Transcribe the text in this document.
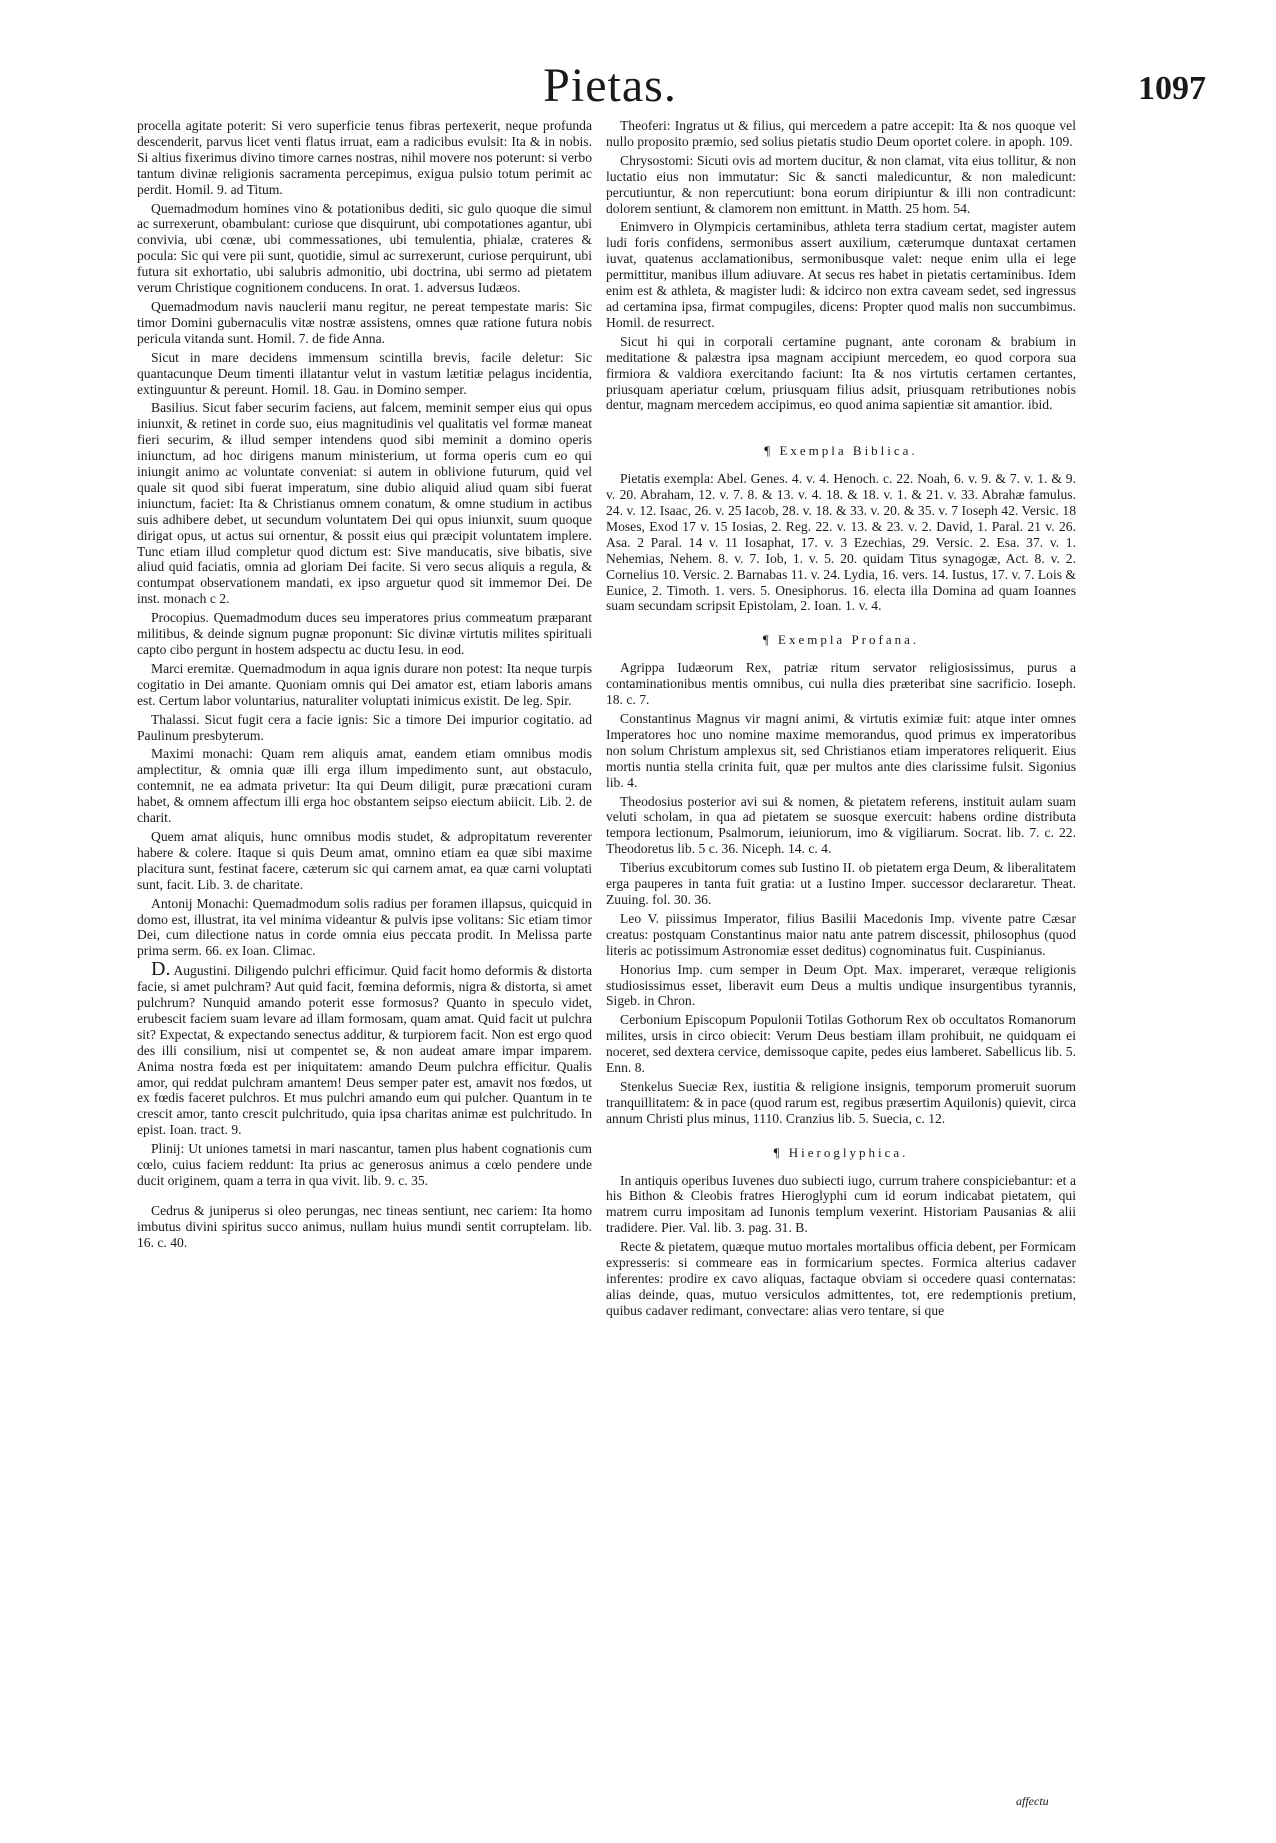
Pietas.	1097

procella agitate poterit: Si vero superficie tenus fibras pertexerit, neque profunda descenderit, parvus licet venti flatus irruat, eam a radicibus evulsit: Ita & in nobis. Si altius fixerimus divino timore carnes nostras, nihil movere nos poterunt: si verbo tantum divinæ religionis sacramenta percepimus, exigua pulsio totum perimit ac perdit. Homil. 9. ad Titum.

Quemadmodum homines vino & potationibus dediti, sic gulo quoque die simul ac surrexerunt, obambulant: curiose que disquirunt, ubi compotationes agantur, ubi convivia, ubi cœnæ, ubi commessationes, ubi temulentia, phialæ, crateres & pocula: Sic qui vere pii sunt, quotidie, simul ac surrexerunt, curiose perquirunt, ubi futura sit exhortatio, ubi salubris admonitio, ubi doctrina, ubi sermo ad pietatem verum Christique cognitionem conducens. In orat. 1. adversus Iudæos.

Quemadmodum navis nauclerii manu regitur, ne pereat tempestate maris: Sic timor Domini gubernaculis vitæ nostræ assistens, omnes quæ ratione futura nobis pericula vitanda sunt. Homil. 7. de fide Anna.

Sicut in mare decidens immensum scintilla brevis, facile deletur: Sic quantacunque Deum timenti illatantur velut in vastum lætitiæ pelagus incidentia, extinguuntur & pereunt. Homil. 18. Gau. in Domino semper.

Basilius. Sicut faber securim faciens, aut falcem, meminit semper eius qui opus iniunxit, & retinet in corde suo, eius magnitudinis vel qualitatis vel formæ maneat fieri securim, & illud semper intendens quod sibi meminit a domino operis iniunctum, ad hoc dirigens manum ministerium, ut forma operis cum eo qui iniungit animo ac voluntate conveniat: si autem in oblivione futurum, quid vel quale sit quod sibi fuerat imperatum, sine dubio aliquid aliud quam sibi fuerat iniunctum, faciet: Ita & Christianus omnem conatum, & omne studium in actibus suis adhibere debet, ut secundum voluntatem Dei qui opus iniunxit, suum quoque dirigat opus, ut actus sui ornentur, & possit eius qui præcipit voluntatem implere. Tunc etiam illud completur quod dictum est: Sive manducatis, sive bibatis, sive aliud quid faciatis, omnia ad gloriam Dei facite. Si vero secus aliquis a regula, & contumpat observationem mandati, ex ipso arguetur quod sit immemor Dei. De inst. monach c 2.

Procopius. Quemadmodum duces seu imperatores prius commeatum præparant militibus, & deinde signum pugnæ proponunt: Sic divinæ virtutis milites spirituali capto cibo pergunt in hostem adspectu ac ductu Iesu. in eod.

Marci eremitæ. Quemadmodum in aqua ignis durare non potest: Ita neque turpis cogitatio in Dei amante. Quoniam omnis qui Dei amator est, etiam laboris amans est. Certum labor voluntarius, naturaliter voluptati inimicus existit. De leg. Spir.

Thalassi. Sicut fugit cera a facie ignis: Sic a timore Dei impurior cogitatio. ad Paulinum presbyterum.

Maximi monachi: Quam rem aliquis amat, eandem etiam omnibus modis amplectitur, & omnia quæ illi erga illum impedimento sunt, aut obstaculo, contemnit, ne ea admata privetur: Ita qui Deum diligit, puræ præcationi curam habet, & omnem affectum illi erga hoc obstantem seipso eiectum abiicit. Lib. 2. de charit.

Quem amat aliquis, hunc omnibus modis studet, & adpropitatum reverenter habere & colere. Itaque si quis Deum amat, omnino etiam ea quæ sibi maxime placitura sunt, festinat facere, cæterum sic qui carnem amat, ea quæ carni voluptati sunt, facit. Lib. 3. de charitate.

Antonij Monachi: Quemadmodum solis radius per foramen illapsus, quicquid in domo est, illustrat, ita vel minima videantur & pulvis ipse volitans: Sic etiam timor Dei, cum dilectione natus in corde omnia eius peccata prodit. In Melissa parte prima serm. 66. ex Ioan. Climac.

D. Augustini. Diligendo pulchri efficimur. Quid facit homo deformis & distorta facie, si amet pulchram? Aut quid facit, fœmina deformis, nigra & distorta, si amet pulchrum? Nunquid amando poterit esse formosus? Quanto in speculo videt, erubescit faciem suam levare ad illam formosam, quam amat. Quid facit ut pulchra sit? Expectat, & expectando senectus additur, & turpiorem facit. Non est ergo quod des illi consilium, nisi ut compentet se, & non audeat amare impar imparem. Anima nostra fœda est per iniquitatem: amando Deum pulchra efficitur. Qualis amor, qui reddat pulchram amantem! Deus semper pater est, amavit nos fœdos, ut ex fœdis faceret pulchros. Et mus pulchri amando eum qui pulcher. Quantum in te crescit amor, tanto crescit pulchritudo, quia ipsa charitas animæ est pulchritudo. In epist. Ioan. tract. 9.

Plinij: Ut uniones tametsi in mari nascantur, tamen plus habent cognationis cum cœlo, cuius faciem reddunt: Ita prius ac generosus animus a cœlo pendere unde ducit originem, quam a terra in qua vivit. lib. 9. c. 35.

Cedrus & juniperus si oleo perungas, nec tineas sentiunt, nec cariem: Ita homo imbutus divini spiritus succo animus, nullam huius mundi sentit corruptelam. lib. 16. c. 40.

Theoferi: Ingratus ut & filius, qui mercedem a patre accepit: Ita & nos quoque vel nullo proposito præmio, sed solius pietatis studio Deum oportet colere. in apoph. 109.

Chrysostomi: Sicuti ovis ad mortem ducitur, & non clamat, vita eius tollitur, & non luctatio eius non immutatur: Sic & sancti maledicuntur, & non maledicunt: percutiuntur, & non repercutiunt: bona eorum diripiuntur & illi non contradicunt: dolorem sentiunt, & clamorem non emittunt. in Matth. 25 hom. 54.

Enimvero in Olympicis certaminibus, athleta terra stadium certat, magister autem ludi foris confidens, sermonibus assert auxilium, cæterumque duntaxat certamen iuvat, quatenus acclamationibus, sermonibusque valet: neque enim ulla ei lege permittitur, manibus illum adiuvare. At secus res habet in pietatis certaminibus. Idem enim est & athleta, & magister ludi: & idcirco non extra caveam sedet, sed ingressus ad certamina ipsa, firmat compugiles, dicens: Propter quod malis non succumbimus. Homil. de resurrect.

Sicut hi qui in corporali certamine pugnant, ante coronam & brabium in meditatione & palæstra ipsa magnam accipiunt mercedem, eo quod corpora sua firmiora & valdiora exercitando faciunt: Ita & nos virtutis certamen certantes, priusquam aperiatur cœlum, priusquam filius adsit, priusquam retributiones nobis dentur, magnam mercedem accipimus, eo quod anima sapientiæ sit amantior. ibid.

¶ Exempla Biblica.

Pietatis exempla: Abel. Genes. 4. v. 4. Henoch. c. 22. Noah, 6. v. 9. & 7. v. 1. & 9. v. 20. Abraham, 12. v. 7. 8. & 13. v. 4. 18. & 18. v. 1. & 21. v. 33. Abrahæ famulus. 24. v. 12. Isaac, 26. v. 25 Iacob, 28. v. 18. & 33. v. 20. & 35. v. 7 Ioseph 42. Versic. 18 Moses, Exod 17 v. 15 Iosias, 2. Reg. 22. v. 13. & 23. v. 2. David, 1. Paral. 21 v. 26. Asa. 2 Paral. 14 v. 11 Iosaphat, 17. v. 3 Ezechias, 29. Versic. 2. Esa. 37. v. 1. Nehemias, Nehem. 8. v. 7. Iob, 1. v. 5. 20. quidam Titus synagogæ, Act. 8. v. 2. Cornelius 10. Versic. 2. Barnabas 11. v. 24. Lydia, 16. vers. 14. Iustus, 17. v. 7. Lois & Eunice, 2. Timoth. 1. vers. 5. Onesiphorus. 16. electa illa Domina ad quam Ioannes suam secundam scripsit Epistolam, 2. Ioan. 1. v. 4.

¶ Exempla Profana.

Agrippa Iudæorum Rex, patriæ ritum servator religiosissimus, purus a contaminationibus mentis omnibus, cui nulla dies præteribat sine sacrificio. Ioseph. 18. c. 7.

Constantinus Magnus vir magni animi, & virtutis eximiæ fuit: atque inter omnes Imperatores hoc uno nomine maxime memorandus, quod primus ex imperatoribus non solum Christum amplexus sit, sed Christianos etiam imperatores reliquerit. Eius mortis nuntia stella crinita fuit, quæ per multos ante dies clarissime fulsit. Sigonius lib. 4.

Theodosius posterior avi sui & nomen, & pietatem referens, instituit aulam suam veluti scholam, in qua ad pietatem se suosque exercuit: habens ordine distributa tempora lectionum, Psalmorum, ieiuniorum, imo & vigiliarum. Socrat. lib. 7. c. 22. Theodoretus lib. 5 c. 36. Niceph. 14. c. 4.

Tiberius excubitorum comes sub Iustino II. ob pietatem erga Deum, & liberalitatem erga pauperes in tanta fuit gratia: ut a Iustino Imper. successor declararetur. Theat. Zuuing. fol. 30. 36.

Leo V. piissimus Imperator, filius Basilii Macedonis Imp. vivente patre Cæsar creatus: postquam Constantinus maior natu ante patrem discessit, philosophus (quod literis ac potissimum Astronomiæ esset deditus) cognominatus fuit. Cuspinianus.

Honorius Imp. cum semper in Deum Opt. Max. imperaret, veræque religionis studiosissimus esset, liberavit eum Deus a multis undique insurgentibus tyrannis, Sigeb. in Chron.

Cerbonium Episcopum Populonii Totilas Gothorum Rex ob occultatos Romanorum milites, ursis in circo obiecit: Verum Deus bestiam illam prohibuit, ne quidquam ei noceret, sed dextera cervice, demissoque capite, pedes eius lamberet. Sabellicus lib. 5. Enn. 8.

Stenkelus Sueciæ Rex, iustitia & religione insignis, temporum promeruit suorum tranquillitatem: & in pace (quod rarum est, regibus præsertim Aquilonis) quievit, circa annum Christi plus minus, 1110. Cranzius lib. 5. Suecia, c. 12.

¶ Hieroglyphica.

In antiquis operibus Iuvenes duo subiecti iugo, currum trahere conspiciebantur: et a his Bithon & Cleobis fratres Hieroglyphi cum id eorum indicabat pietatem, qui matrem curru impositam ad Iunonis templum vexerint. Historiam Pausanias & alii tradidere. Pier. Val. lib. 3. pag. 31. B.

Recte & pietatem, quæque mutuo mortales mortalibus officia debent, per Formicam expresseris: si commeare eas in formicarium spectes. Formica alterius cadaver inferentes: prodire ex cavo aliquas, factaque obviam si occedere quasi conternatas: alias deinde, quas, mutuo versiculos admittentes, tot, ere redemptionis pretium, quibus cadaver redimant, convectare: alias vero tentare, si que

affectu
